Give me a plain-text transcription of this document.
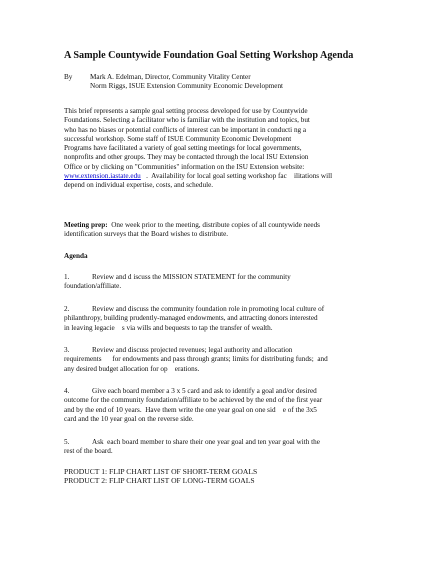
A Sample Countywide Foundation Goal Setting Workshop Agenda
By Mark A. Edelman, Director, Community Vitality Center
Norm Riggs, ISUE Extension Community Economic Development
This brief represents a sample goal setting process developed for use by Countywide
Foundations. Selecting a facilitator who is familiar with the institution and topics, but
who has no biases or potential conflicts of interest can be important in conducti ng a
successful workshop. Some staff of ISUE Community Economic Development
Programs have facilitated a variety of goal setting meetings for local governments,
nonprofits and other groups. They may be contacted through the local ISU Extension
Office or by clicking on "Communities" information on the ISU Extension website:
www.extension.iastate.edu   .  Availability for local goal setting workshop fac    ilitations will
depend on individual expertise, costs, and schedule.
Meeting prep:  One week prior to the meeting, distribute copies of all countywide needs
identification surveys that the Board wishes to distribute.
Agenda
1.	Review and d iscuss the MISSION STATEMENT for the community
foundation/affiliate.
2.	Review and discuss the community foundation role in promoting local culture of
philanthropy, building prudently-managed endowments, and attracting donors interested
in leaving legacie    s via wills and bequests to tap the transfer of wealth.
3.	Review and discuss projected revenues; legal authority and allocation
requirements      for endowments and pass through grants; limits for distributing funds;  and
any desired budget allocation for op    erations.
4.	Give each board member a 3 x 5 card and ask to identify a goal and/or desired
outcome for the community foundation/affiliate to be achieved by the end of the first year
and by the end of 10 years.  Have them write the one year goal on one sid    e of the 3x5
card and the 10 year goal on the reverse side.
5.	Ask  each board member to share their one year goal and ten year goal with the
rest of the board.
PRODUCT 1: FLIP CHART LIST OF SHORT-TERM GOALS
PRODUCT 2: FLIP CHART LIST OF LONG-TERM GOALS
